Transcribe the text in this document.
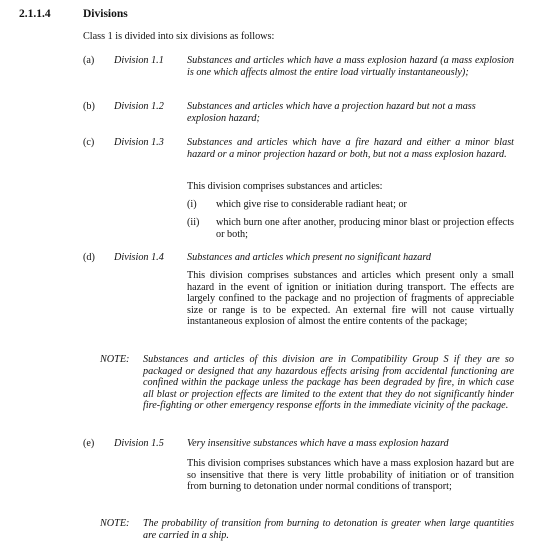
2.1.1.4	Divisions
Class 1 is divided into six divisions as follows:
(a) Division 1.1 Substances and articles which have a mass explosion hazard (a mass explosion is one which affects almost the entire load virtually instantaneously);
(b) Division 1.2 Substances and articles which have a projection hazard but not a mass explosion hazard;
(c) Division 1.3 Substances and articles which have a fire hazard and either a minor blast hazard or a minor projection hazard or both, but not a mass explosion hazard.
This division comprises substances and articles:
(i) which give rise to considerable radiant heat; or
(ii) which burn one after another, producing minor blast or projection effects or both;
(d) Division 1.4 Substances and articles which present no significant hazard
This division comprises substances and articles which present only a small hazard in the event of ignition or initiation during transport. The effects are largely confined to the package and no projection of fragments of appreciable size or range is to be expected. An external fire will not cause virtually instantaneous explosion of almost the entire contents of the package;
NOTE: Substances and articles of this division are in Compatibility Group S if they are so packaged or designed that any hazardous effects arising from accidental functioning are confined within the package unless the package has been degraded by fire, in which case all blast or projection effects are limited to the extent that they do not significantly hinder fire-fighting or other emergency response efforts in the immediate vicinity of the package.
(e) Division 1.5 Very insensitive substances which have a mass explosion hazard
This division comprises substances which have a mass explosion hazard but are so insensitive that there is very little probability of initiation or of transition from burning to detonation under normal conditions of transport;
NOTE: The probability of transition from burning to detonation is greater when large quantities are carried in a ship.
